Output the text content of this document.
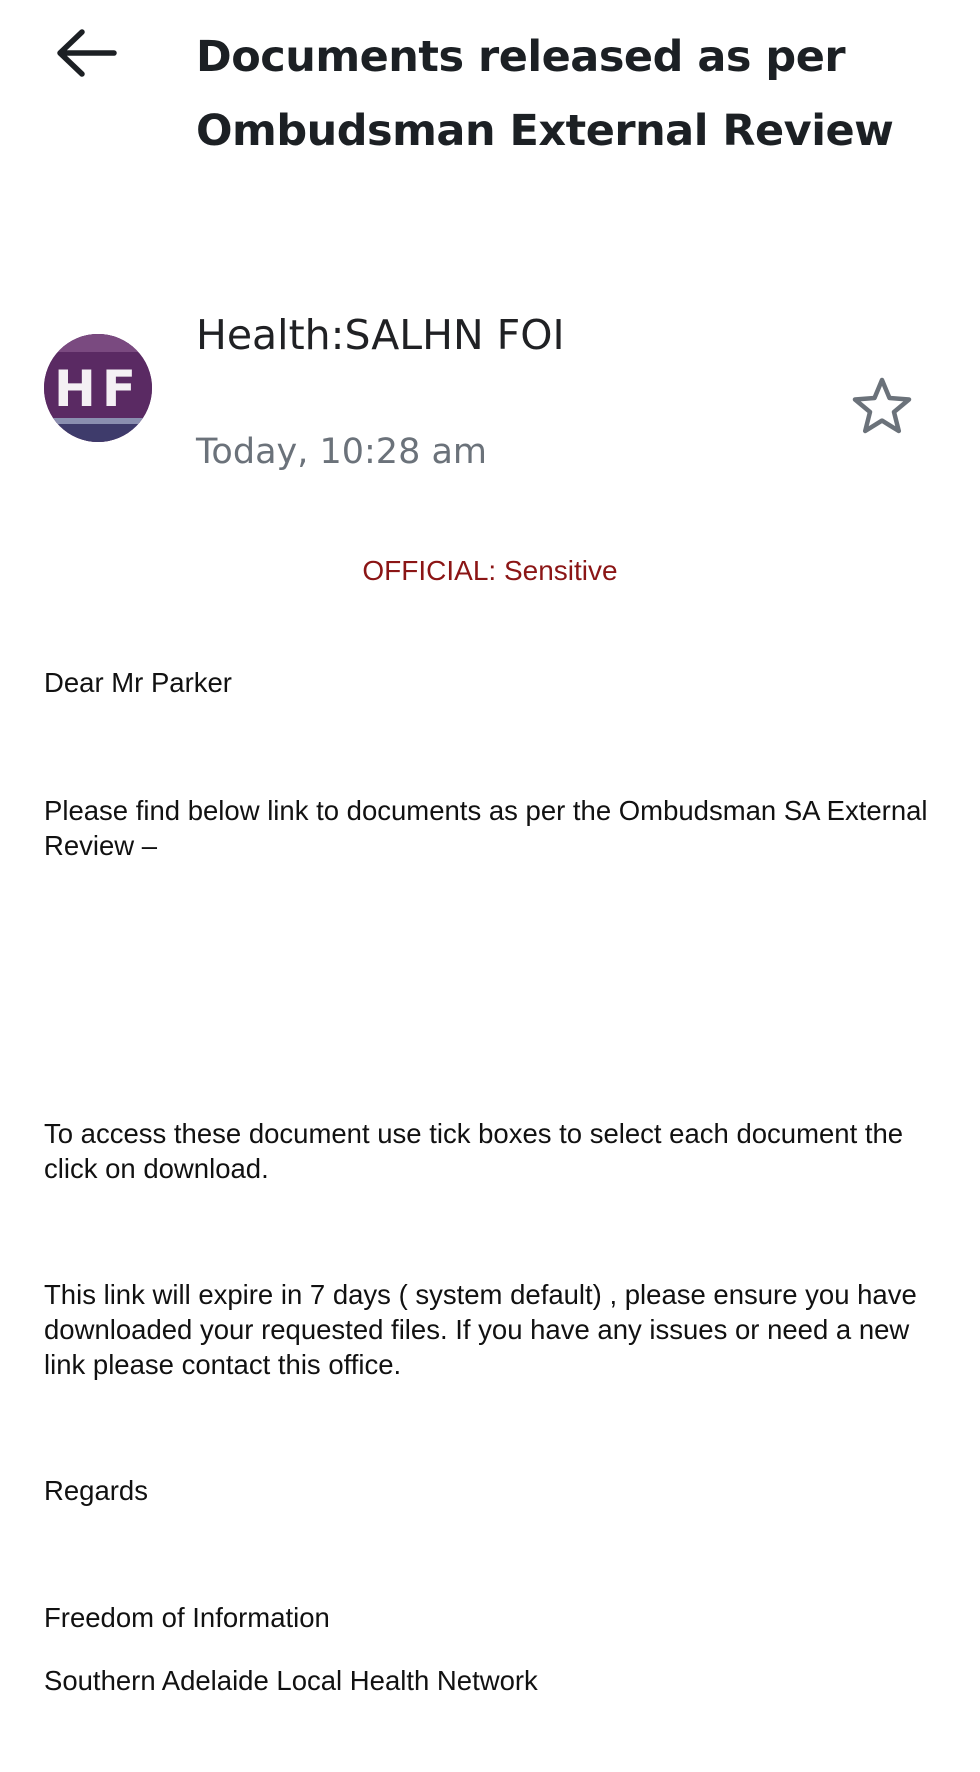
Documents released as per Ombudsman External Review
HF
Health:SALHN FOI
Today, 10:28 am
OFFICIAL: Sensitive
Dear Mr Parker
Please find below link to documents as per the Ombudsman SA External Review –
To access these document use tick boxes to select each document the click on download.
This link will expire in 7 days ( system default) , please ensure you have downloaded your requested files. If you have any issues or need a new link please contact this office.
Regards
Freedom of Information
Southern Adelaide Local Health Network
